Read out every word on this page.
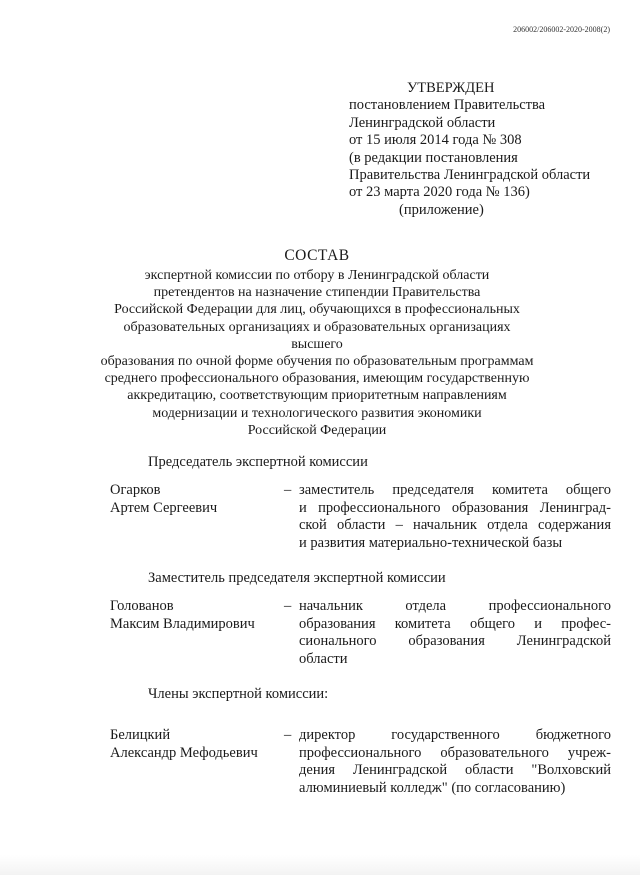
206002/206002-2020-2008(2)
УТВЕРЖДЕН
постановлением Правительства
Ленинградской области
от 15 июля 2014 года № 308
(в редакции постановления
Правительства Ленинградской области
от 23 марта 2020 года № 136)
(приложение)
СОСТАВ
экспертной комиссии по отбору в Ленинградской области
претендентов на назначение стипендии Правительства
Российской Федерации для лиц, обучающихся в профессиональных
образовательных организациях и образовательных организациях высшего
образования по очной форме обучения по образовательным программам
среднего профессионального образования, имеющим государственную
аккредитацию, соответствующим приоритетным направлениям
модернизации и технологического развития экономики
Российской Федерации
Председатель экспертной комиссии
Огарков
Артем Сергеевич
– заместитель председателя комитета общего
и профессионального образования Ленинград-
ской области – начальник отдела содержания
и развития материально-технической базы
Заместитель председателя экспертной комиссии
Голованов
Максим Владимирович
– начальник отдела профессионального
образования комитета общего и профес-
сионального образования Ленинградской
области
Члены экспертной комиссии:
Белицкий
Александр Мефодьевич
– директор государственного бюджетного
профессионального образовательного учреж-
дения Ленинградской области "Волховский
алюминиевый колледж" (по согласованию)
